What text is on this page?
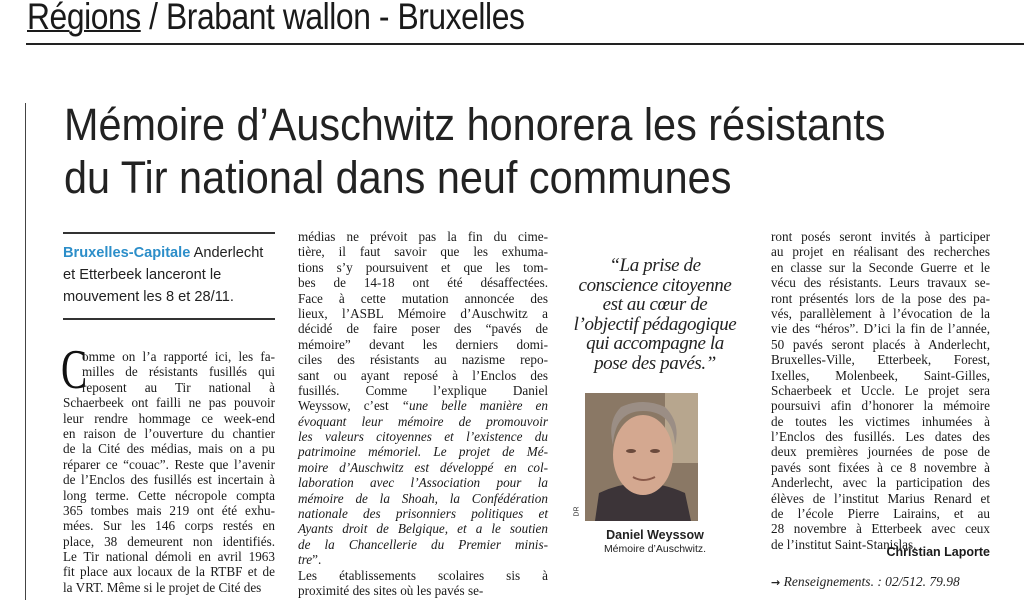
Régions / Brabant wallon - Bruxelles
Mémoire d’Auschwitz honorera les résistants
du Tir national dans neuf communes
Bruxelles-Capitale Anderlecht et Etterbeek lanceront le mouvement les 8 et 28/11.
C
omme on l’a rapporté ici, les fa-
milles de résistants fusillés qui
reposent au Tir national à
Schaerbeek ont failli ne pas pouvoir
leur rendre hommage ce week-end
en raison de l’ouverture du chantier
de la Cité des médias, mais on a pu
réparer ce “couac”. Reste que l’avenir
de l’Enclos des fusillés est incertain à
long terme. Cette nécropole compta
365 tombes mais 219 ont été exhu-
mées. Sur les 146 corps restés en
place, 38 demeurent non identifiés.
Le Tir national démoli en avril 1963
fit place aux locaux de la RTBF et de
la VRT. Même si le projet de Cité des
médias ne prévoit pas la fin du cime-
tière, il faut savoir que les exhuma-
tions s’y poursuivent et que les tom-
bes de 14-18 ont été désaffectées.
Face à cette mutation annoncée des
lieux, l’ASBL Mémoire d’Auschwitz a
décidé de faire poser des “pavés de
mémoire” devant les derniers domi-
ciles des résistants au nazisme repo-
sant ou ayant reposé à l’Enclos des
fusillés. Comme l’explique Daniel
Weyssow, c’est “une belle manière en
évoquant leur mémoire de promouvoir
les valeurs citoyennes et l’existence du
patrimoine mémoriel. Le projet de Mé-
moire d’Auschwitz est développé en col-
laboration avec l’Association pour la
mémoire de la Shoah, la Confédération
nationale des prisonniers politiques et
Ayants droit de Belgique, et a le soutien
de la Chancellerie du Premier minis-
tre”.
Les établissements scolaires sis à
proximité des sites où les pavés se-
“La prise de
conscience citoyenne
est au cœur de
l’objectif pédagogique
qui accompagne la
pose des pavés.”
DR
Daniel Weyssow
Mémoire d’Auschwitz.
ront posés seront invités à participer
au projet en réalisant des recherches
en classe sur la Seconde Guerre et le
vécu des résistants. Leurs travaux se-
ront présentés lors de la pose des pa-
vés, parallèlement à l’évocation de la
vie des “héros”. D’ici la fin de l’année,
50 pavés seront placés à Anderlecht,
Bruxelles-Ville, Etterbeek, Forest,
Ixelles, Molenbeek, Saint-Gilles,
Schaerbeek et Uccle. Le projet sera
poursuivi afin d’honorer la mémoire
de toutes les victimes inhumées à
l’Enclos des fusillés. Les dates des
deux premières journées de pose de
pavés sont fixées à ce 8 novembre à
Anderlecht, avec la participation des
élèves de l’institut Marius Renard et
de l’école Pierre Lairains, et au
28 novembre à Etterbeek avec ceux
de l’institut Saint-Stanislas.
Christian Laporte
→ Renseignements. : 02/512. 79.98
